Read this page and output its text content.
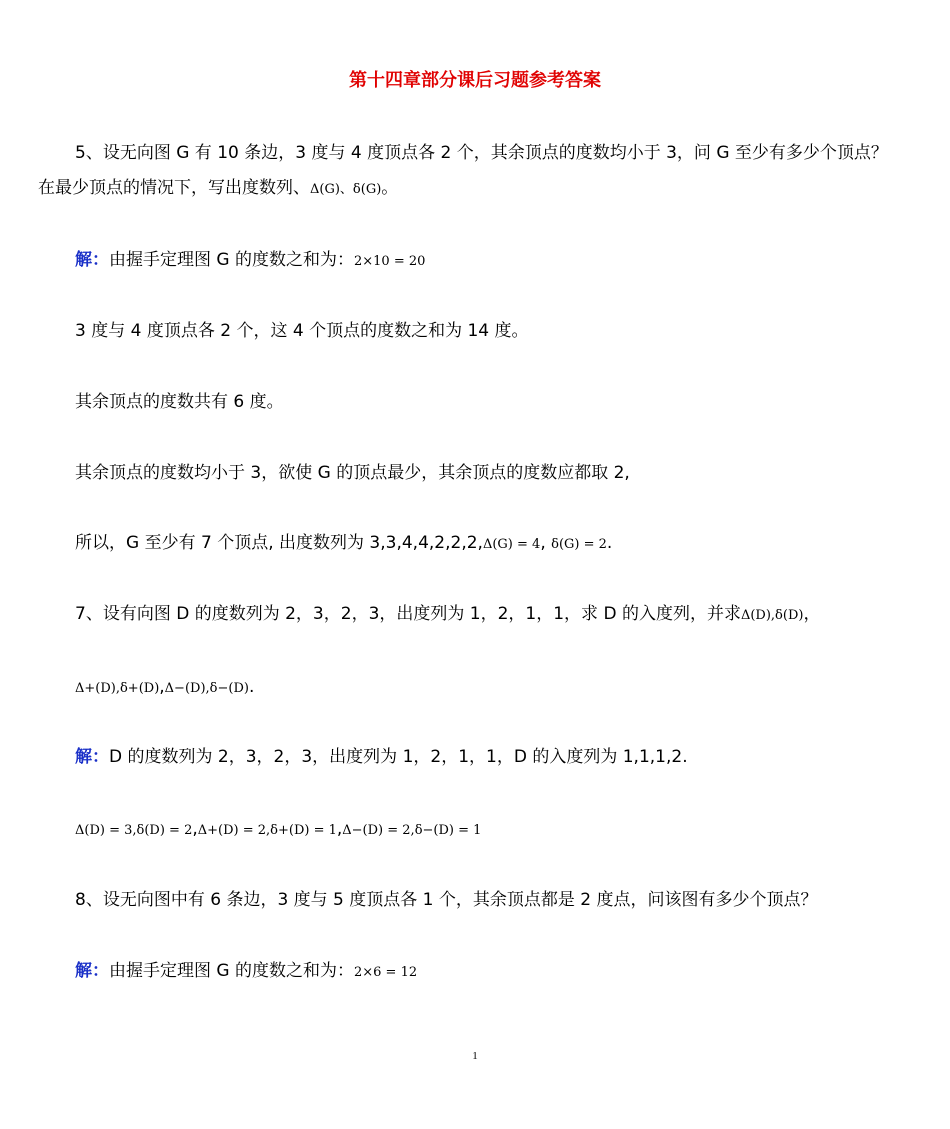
第十四章部分课后习题参考答案
5、设无向图 G 有 10 条边，3 度与 4 度顶点各 2 个，其余顶点的度数均小于 3，问 G 至少有多少个顶点？
在最少顶点的情况下，写出度数列、Δ(G)、δ(G)。
解：由握手定理图 G 的度数之和为：2×10 = 20
3 度与 4 度顶点各 2 个，这 4 个顶点的度数之和为 14 度。
其余顶点的度数共有 6 度。
其余顶点的度数均小于 3，欲使 G 的顶点最少，其余顶点的度数应都取 2,
所以，G 至少有 7 个顶点, 出度数列为 3,3,4,4,2,2,2,Δ(G) = 4, δ(G) = 2.
7、设有向图 D 的度数列为 2，3，2，3，出度列为 1，2，1，1，求 D 的入度列，并求Δ(D),δ(D)，
Δ+(D),δ+(D),Δ−(D),δ−(D).
解：D 的度数列为 2，3，2，3，出度列为 1，2，1，1，D 的入度列为 1,1,1,2.
Δ(D) = 3,δ(D) = 2,Δ+(D) = 2,δ+(D) = 1,Δ−(D) = 2,δ−(D) = 1
8、设无向图中有 6 条边，3 度与 5 度顶点各 1 个，其余顶点都是 2 度点，问该图有多少个顶点？
解：由握手定理图 G 的度数之和为：2×6 = 12
1
